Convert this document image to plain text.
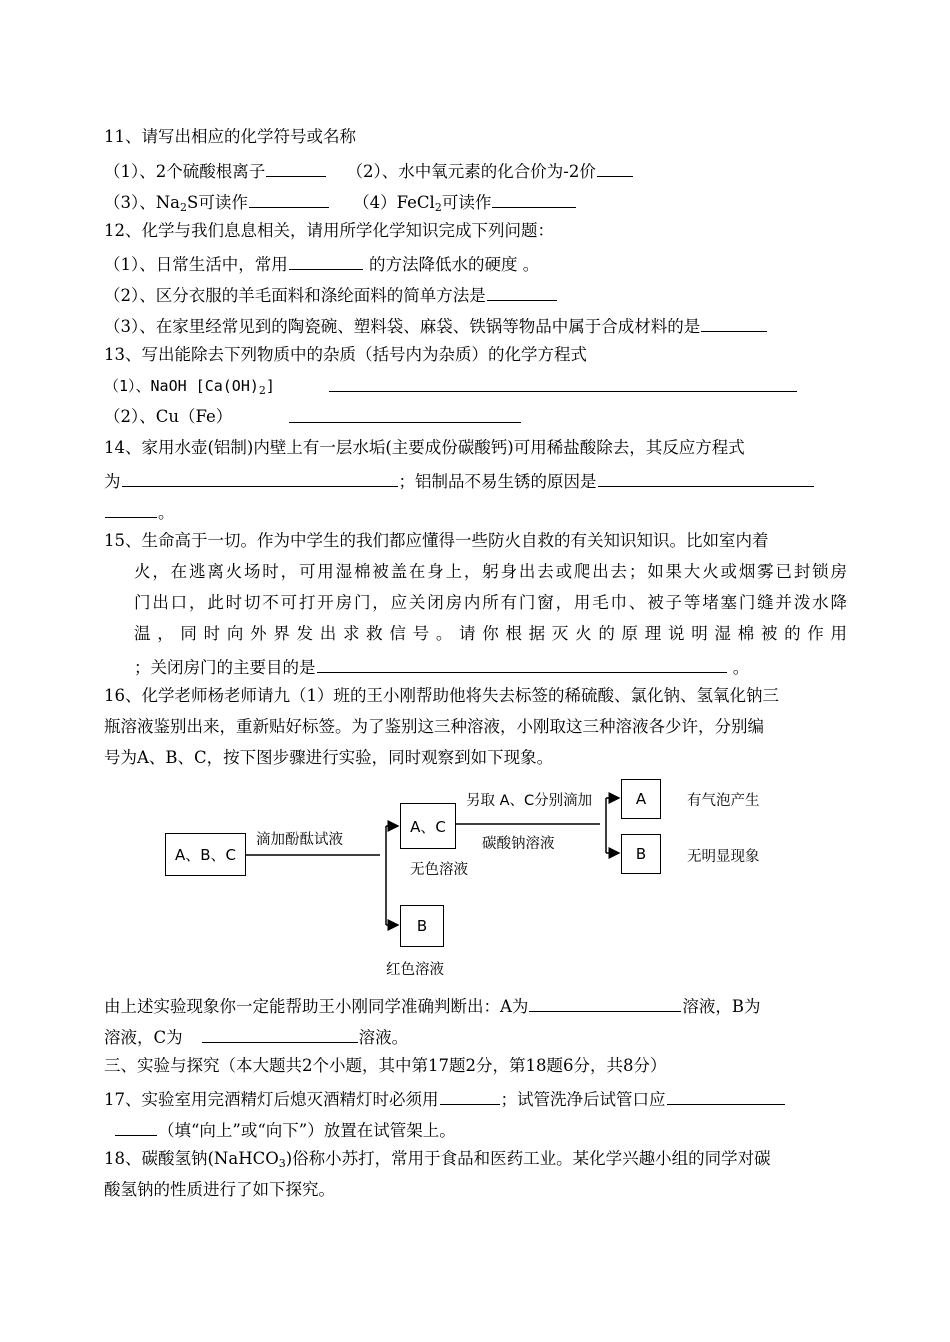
11、请写出相应的化学符号或名称
（1）、2个硫酸根离子	（2）、水中氧元素的化合价为-2价
（3）、$Na_2S$可读作	（4）FeCl$_2$可读作
12、化学与我们息息相关，请用所学化学知识完成下列问题：
（1）、日常生活中，常用	的方法降低水的硬度 。
（2）、区分衣服的羊毛面料和涤纶面料的简单方法是
（3）、在家里经常见到的陶瓷碗、塑料袋、麻袋、铁锅等物品中属于合成材料的是
13、写出能除去下列物质中的杂质（括号内为杂质）的化学方程式
（1）、NaOH $[Ca(OH)_2]$
（2）、Cu（Fe）
14、家用水壶(铝制)内壁上有一层水垢(主要成份碳酸钙)可用稀盐酸除去，其反应方程式
为	；铝制品不易生锈的原因是
。
15、生命高于一切。作为中学生的我们都应懂得一些防火自救的有关知识知识。比如室内着
火，在逃离火场时，可用湿棉被盖在身上，躬身出去或爬出去；如果大火或烟雾已封锁房
门出口，此时切不可打开房门，应关闭房内所有门窗，用毛巾、被子等堵塞门缝并泼水降
温，同时向外界发出求救信号。请你根据灭火的原理说明湿棉被的作用
；关闭房门的主要目的是	。
16、化学老师杨老师请九（1）班的王小刚帮助他将失去标签的稀硫酸、氯化钠、氢氧化钠三
瓶溶液鉴别出来，重新贴好标签。为了鉴别这三种溶液，小刚取这三种溶液各少许，分别编
号为A、B、C，按下图步骤进行实验，同时观察到如下现象。
A、B、C
滴加酚酞试液
A、C
无色溶液
B
红色溶液
另取 A、C分别滴加
碳酸钠溶液
A	有气泡产生
B	无明显现象
由上述实验现象你一定能帮助王小刚同学准确判断出：A为	溶液，B为
溶液，C为	溶液。
三、实验与探究（本大题共2个小题，其中第17题2分，第18题6分，共8分）
17、实验室用完酒精灯后熄灭酒精灯时必须用	；试管洗净后试管口应
（填“向上”或“向下”）放置在试管架上。
18、碳酸氢钠(NaHCO$_3$)俗称小苏打，常用于食品和医药工业。某化学兴趣小组的同学对碳
酸氢钠的性质进行了如下探究。
